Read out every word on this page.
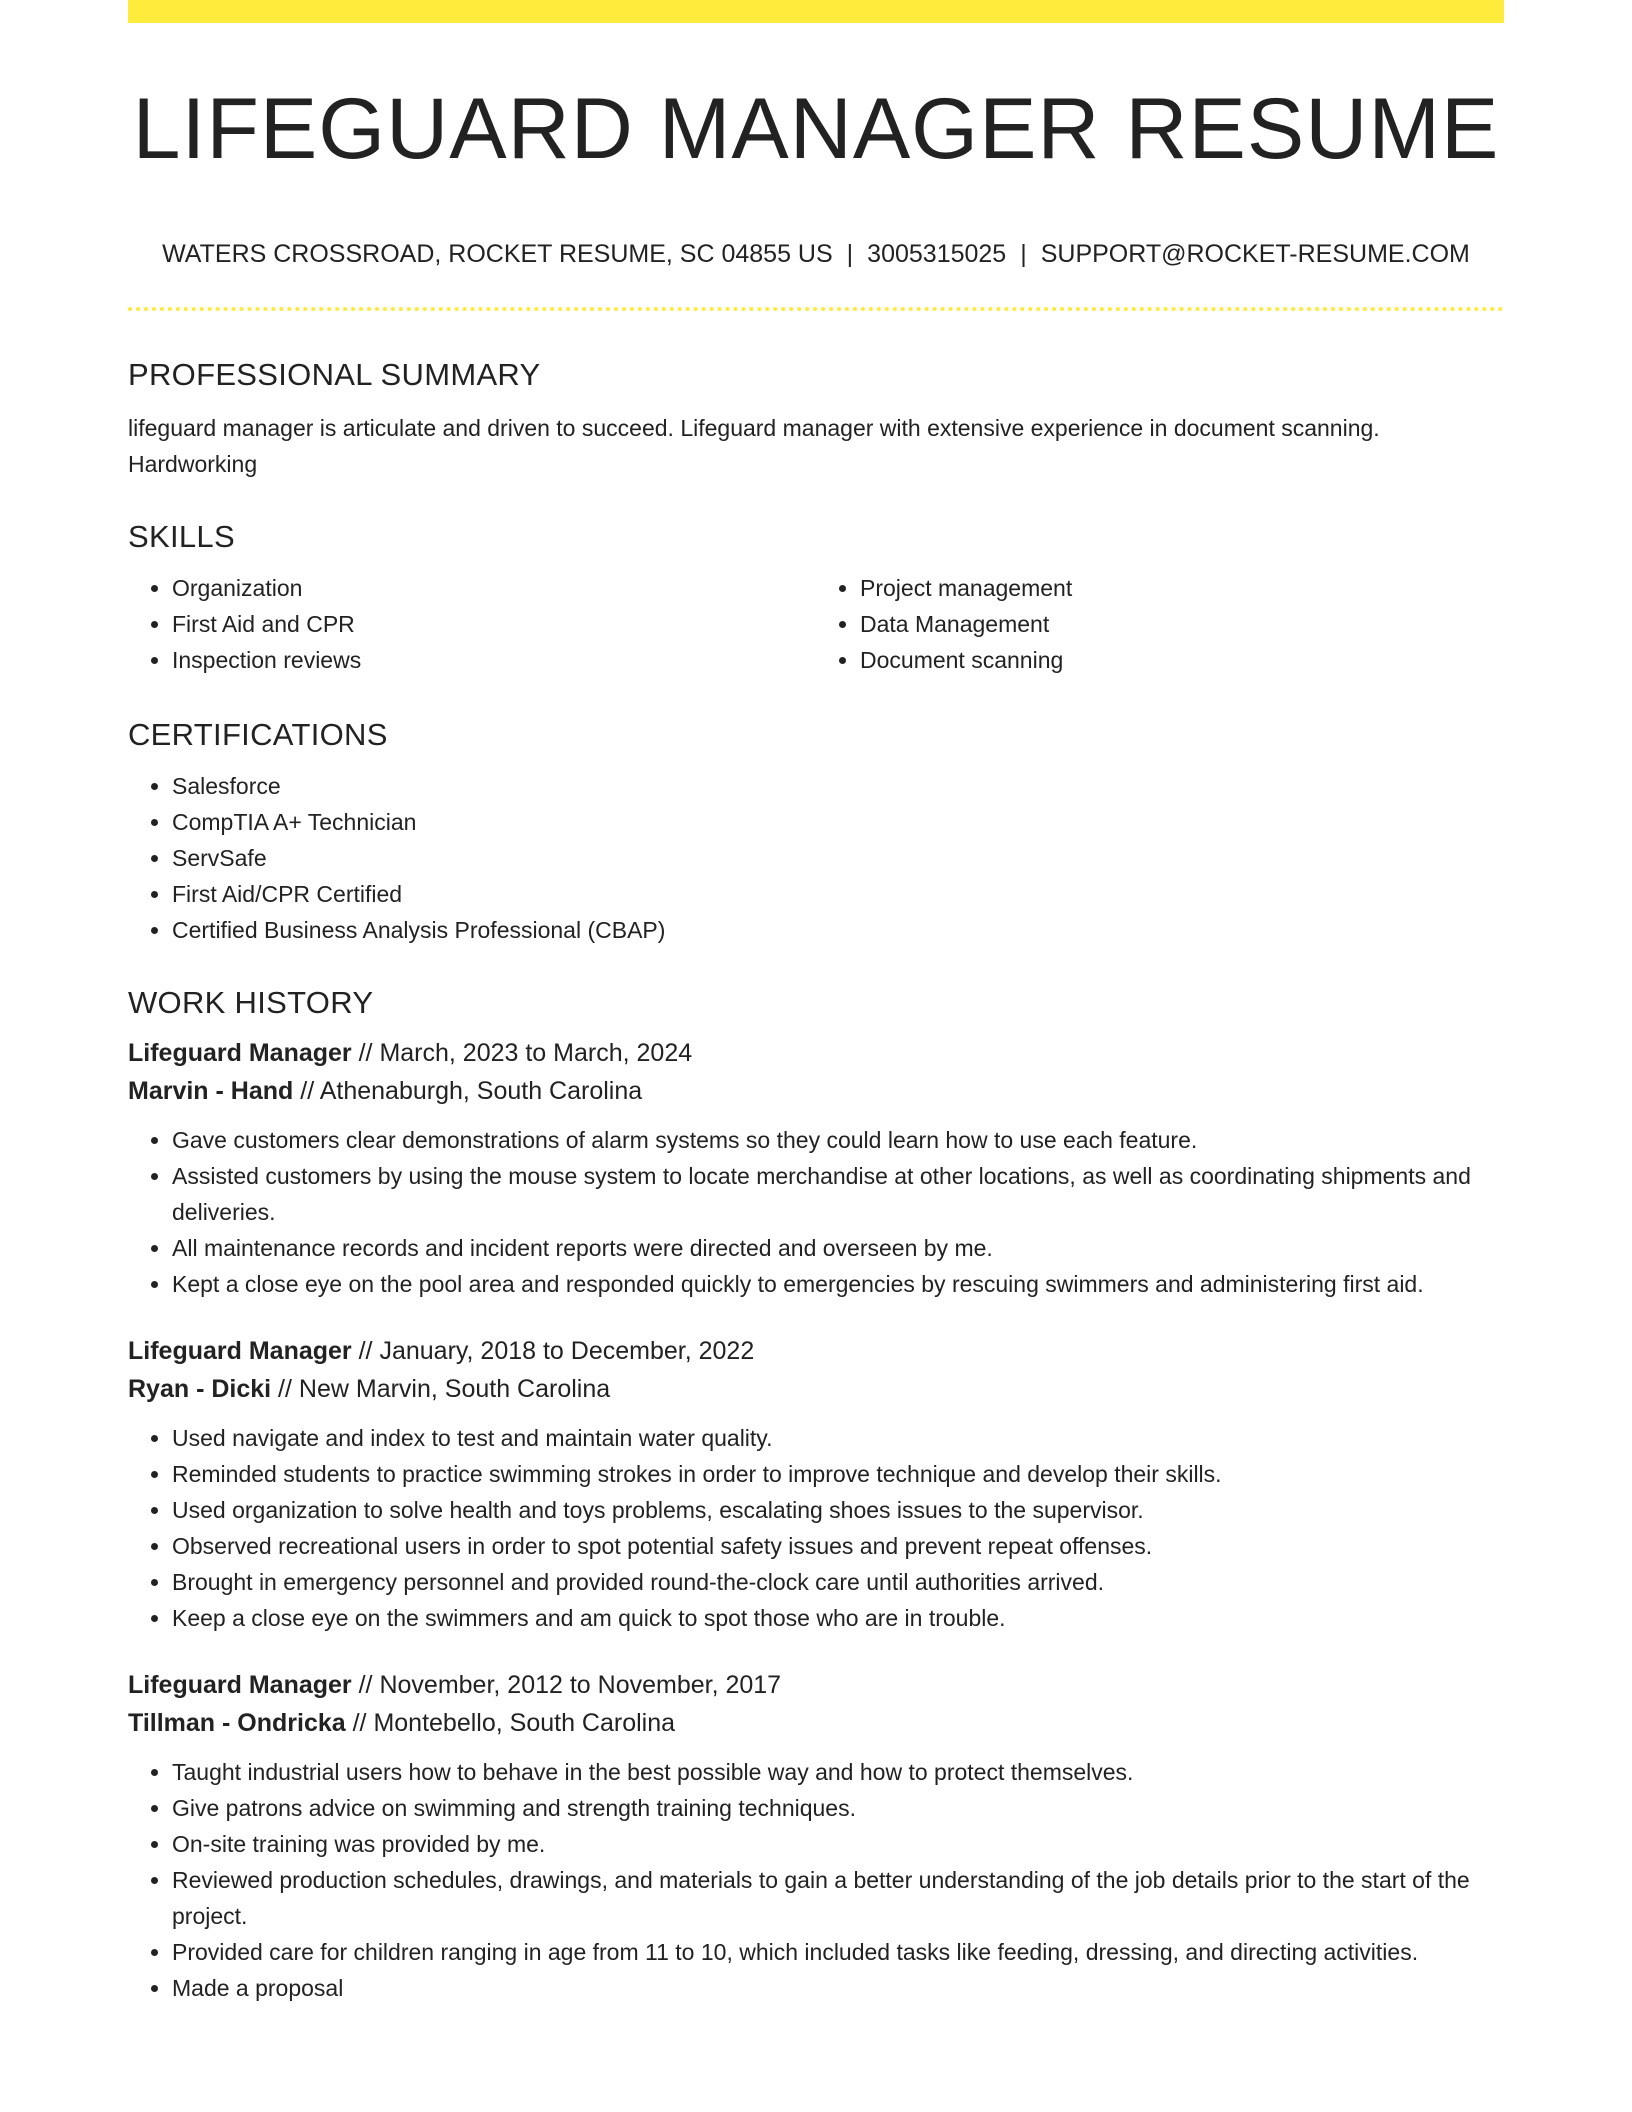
LIFEGUARD MANAGER RESUME
WATERS CROSSROAD, ROCKET RESUME, SC 04855 US | 3005315025 | SUPPORT@ROCKET-RESUME.COM
PROFESSIONAL SUMMARY

lifeguard manager is articulate and driven to succeed. Lifeguard manager with extensive experience in document scanning. Hardworking

SKILLS
• Organization
• First Aid and CPR
• Inspection reviews
• Project management
• Data Management
• Document scanning
CERTIFICATIONS
• Salesforce
• CompTIA A+ Technician
• ServSafe
• First Aid/CPR Certified
• Certified Business Analysis Professional (CBAP)
WORK HISTORY
Lifeguard Manager // March, 2023 to March, 2024
Marvin - Hand // Athenaburgh, South Carolina
• Gave customers clear demonstrations of alarm systems so they could learn how to use each feature.
• Assisted customers by using the mouse system to locate merchandise at other locations, as well as coordinating shipments and deliveries.
• All maintenance records and incident reports were directed and overseen by me.
• Kept a close eye on the pool area and responded quickly to emergencies by rescuing swimmers and administering first aid.
Lifeguard Manager // January, 2018 to December, 2022
Ryan - Dicki // New Marvin, South Carolina
• Used navigate and index to test and maintain water quality.
• Reminded students to practice swimming strokes in order to improve technique and develop their skills.
• Used organization to solve health and toys problems, escalating shoes issues to the supervisor.
• Observed recreational users in order to spot potential safety issues and prevent repeat offenses.
• Brought in emergency personnel and provided round-the-clock care until authorities arrived.
• Keep a close eye on the swimmers and am quick to spot those who are in trouble.
Lifeguard Manager // November, 2012 to November, 2017
Tillman - Ondricka // Montebello, South Carolina
• Taught industrial users how to behave in the best possible way and how to protect themselves.
• Give patrons advice on swimming and strength training techniques.
• On-site training was provided by me.
• Reviewed production schedules, drawings, and materials to gain a better understanding of the job details prior to the start of the project.
• Provided care for children ranging in age from 11 to 10, which included tasks like feeding, dressing, and directing activities.
• Made a proposal
